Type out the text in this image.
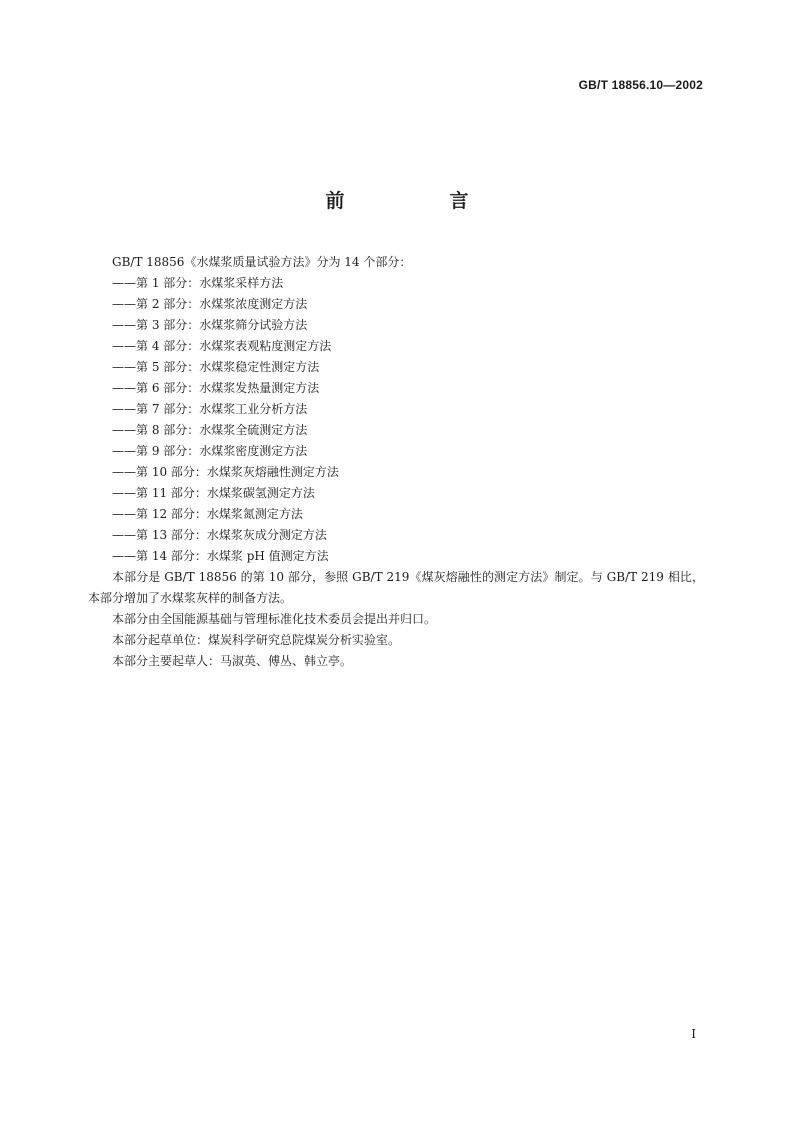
GB/T 18856.10—2002
前　言

GB/T 18856《水煤浆质量试验方法》分为 14 个部分：

——第 1 部分：水煤浆采样方法
——第 2 部分：水煤浆浓度测定方法
——第 3 部分：水煤浆筛分试验方法
——第 4 部分：水煤浆表观粘度测定方法
——第 5 部分：水煤浆稳定性测定方法
——第 6 部分：水煤浆发热量测定方法
——第 7 部分：水煤浆工业分析方法
——第 8 部分：水煤浆全硫测定方法
——第 9 部分：水煤浆密度测定方法
——第 10 部分：水煤浆灰熔融性测定方法
——第 11 部分：水煤浆碳氢测定方法
——第 12 部分：水煤浆氮测定方法
——第 13 部分：水煤浆灰成分测定方法
——第 14 部分：水煤浆 pH 值测定方法

本部分是 GB/T 18856 的第 10 部分，参照 GB/T 219《煤灰熔融性的测定方法》制定。与 GB/T 219 相比，本部分增加了水煤浆灰样的制备方法。

本部分由全国能源基础与管理标准化技术委员会提出并归口。

本部分起草单位：煤炭科学研究总院煤炭分析实验室。

本部分主要起草人：马淑英、傅丛、韩立亭。

I
